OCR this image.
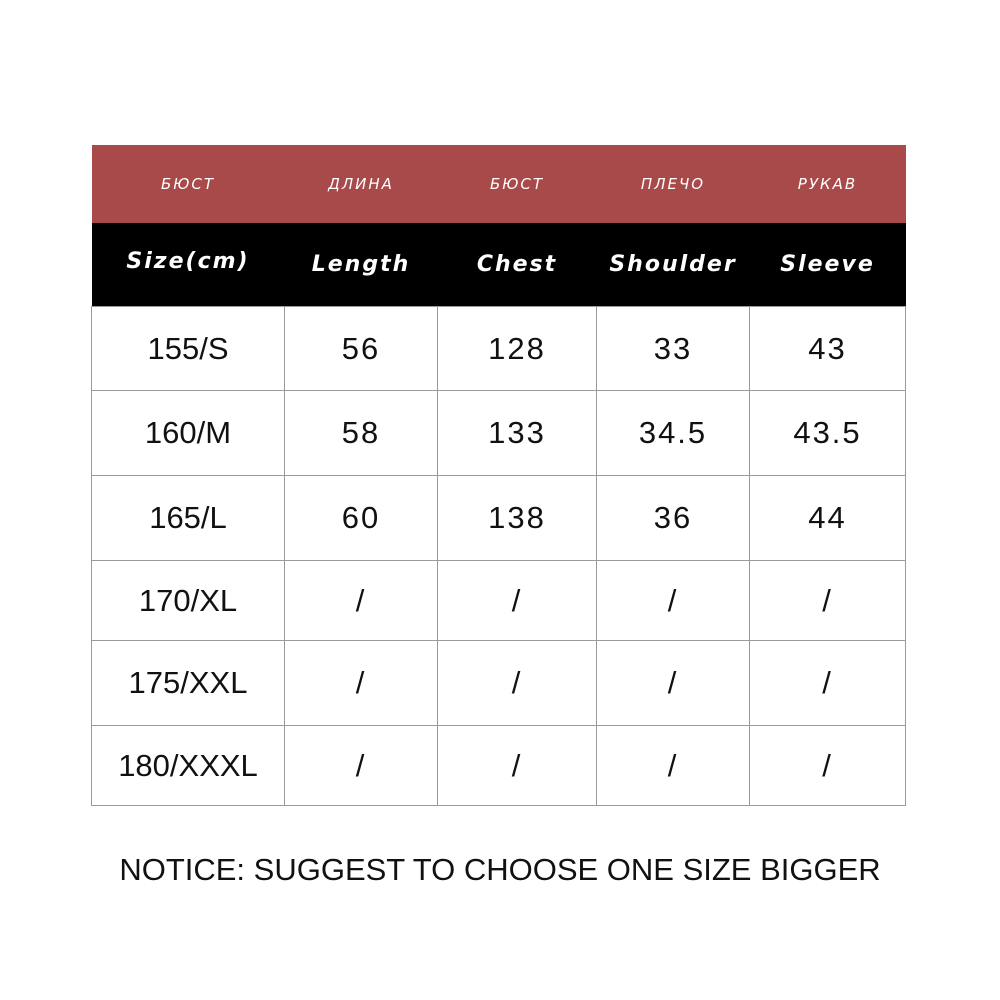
БЮСТ	ДЛИНА	БЮСТ	ПЛЕЧО	РУКАВ
Size(cm)	Length	Chest	Shoulder	Sleeve
155/S	56	128	33	43
160/M	58	133	34.5	43.5
165/L	60	138	36	44
170/XL	/	/	/	/
175/XXL	/	/	/	/
180/XXXL	/	/	/	/
NOTICE: SUGGEST TO CHOOSE ONE SIZE BIGGER
